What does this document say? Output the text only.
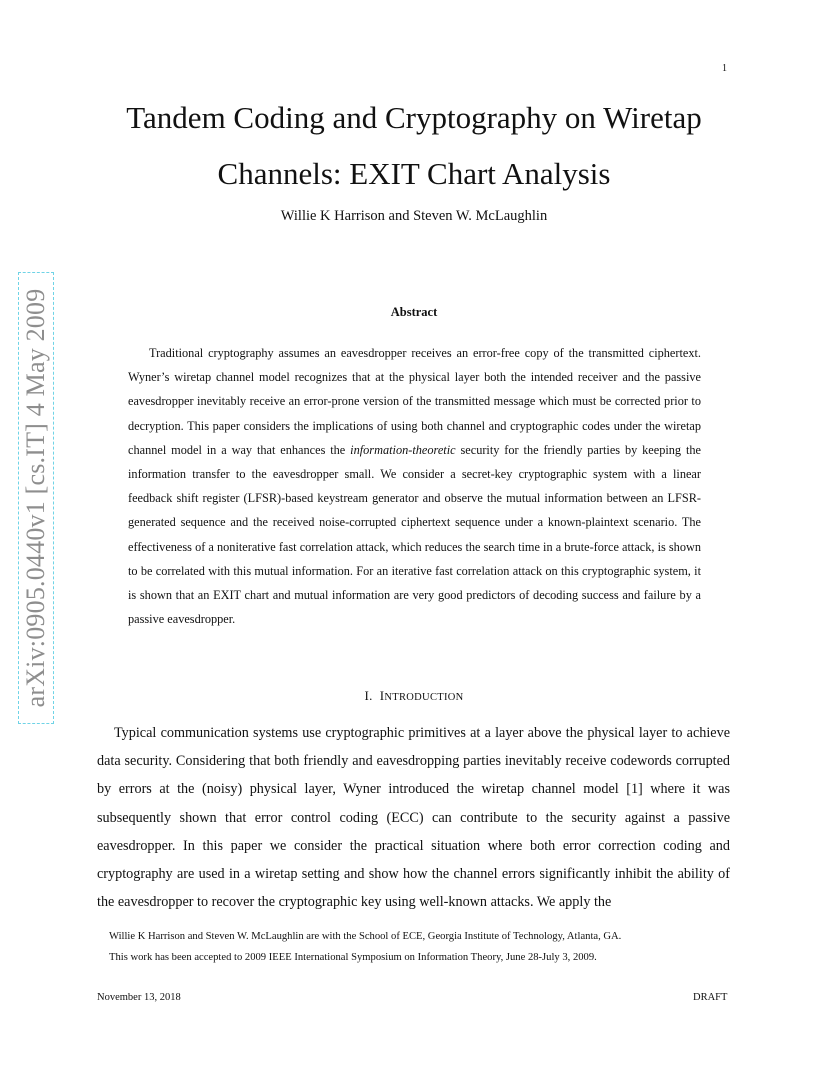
1
arXiv:0905.0440v1 [cs.IT] 4 May 2009
Tandem Coding and Cryptography on Wiretap
Channels: EXIT Chart Analysis
Willie K Harrison and Steven W. McLaughlin
Abstract

Traditional cryptography assumes an eavesdropper receives an error-free copy of the transmitted ciphertext. Wyner’s wiretap channel model recognizes that at the physical layer both the intended receiver and the passive eavesdropper inevitably receive an error-prone version of the transmitted message which must be corrected prior to decryption. This paper considers the implications of using both channel and cryptographic codes under the wiretap channel model in a way that enhances the information-theoretic security for the friendly parties by keeping the information transfer to the eavesdropper small. We consider a secret-key cryptographic system with a linear feedback shift register (LFSR)-based keystream generator and observe the mutual information between an LFSR-generated sequence and the received noise-corrupted ciphertext sequence under a known-plaintext scenario. The effectiveness of a noniterative fast correlation attack, which reduces the search time in a brute-force attack, is shown to be correlated with this mutual information. For an iterative fast correlation attack on this cryptographic system, it is shown that an EXIT chart and mutual information are very good predictors of decoding success and failure by a passive eavesdropper.

I. INTRODUCTION

Typical communication systems use cryptographic primitives at a layer above the physical layer to achieve data security. Considering that both friendly and eavesdropping parties inevitably receive codewords corrupted by errors at the (noisy) physical layer, Wyner introduced the wiretap channel model [1] where it was subsequently shown that error control coding (ECC) can contribute to the security against a passive eavesdropper. In this paper we consider the practical situation where both error correction coding and cryptography are used in a wiretap setting and show how the channel errors significantly inhibit the ability of the eavesdropper to recover the cryptographic key using well-known attacks. We apply the

Willie K Harrison and Steven W. McLaughlin are with the School of ECE, Georgia Institute of Technology, Atlanta, GA.

This work has been accepted to 2009 IEEE International Symposium on Information Theory, June 28-July 3, 2009.

November 13, 2018	DRAFT
